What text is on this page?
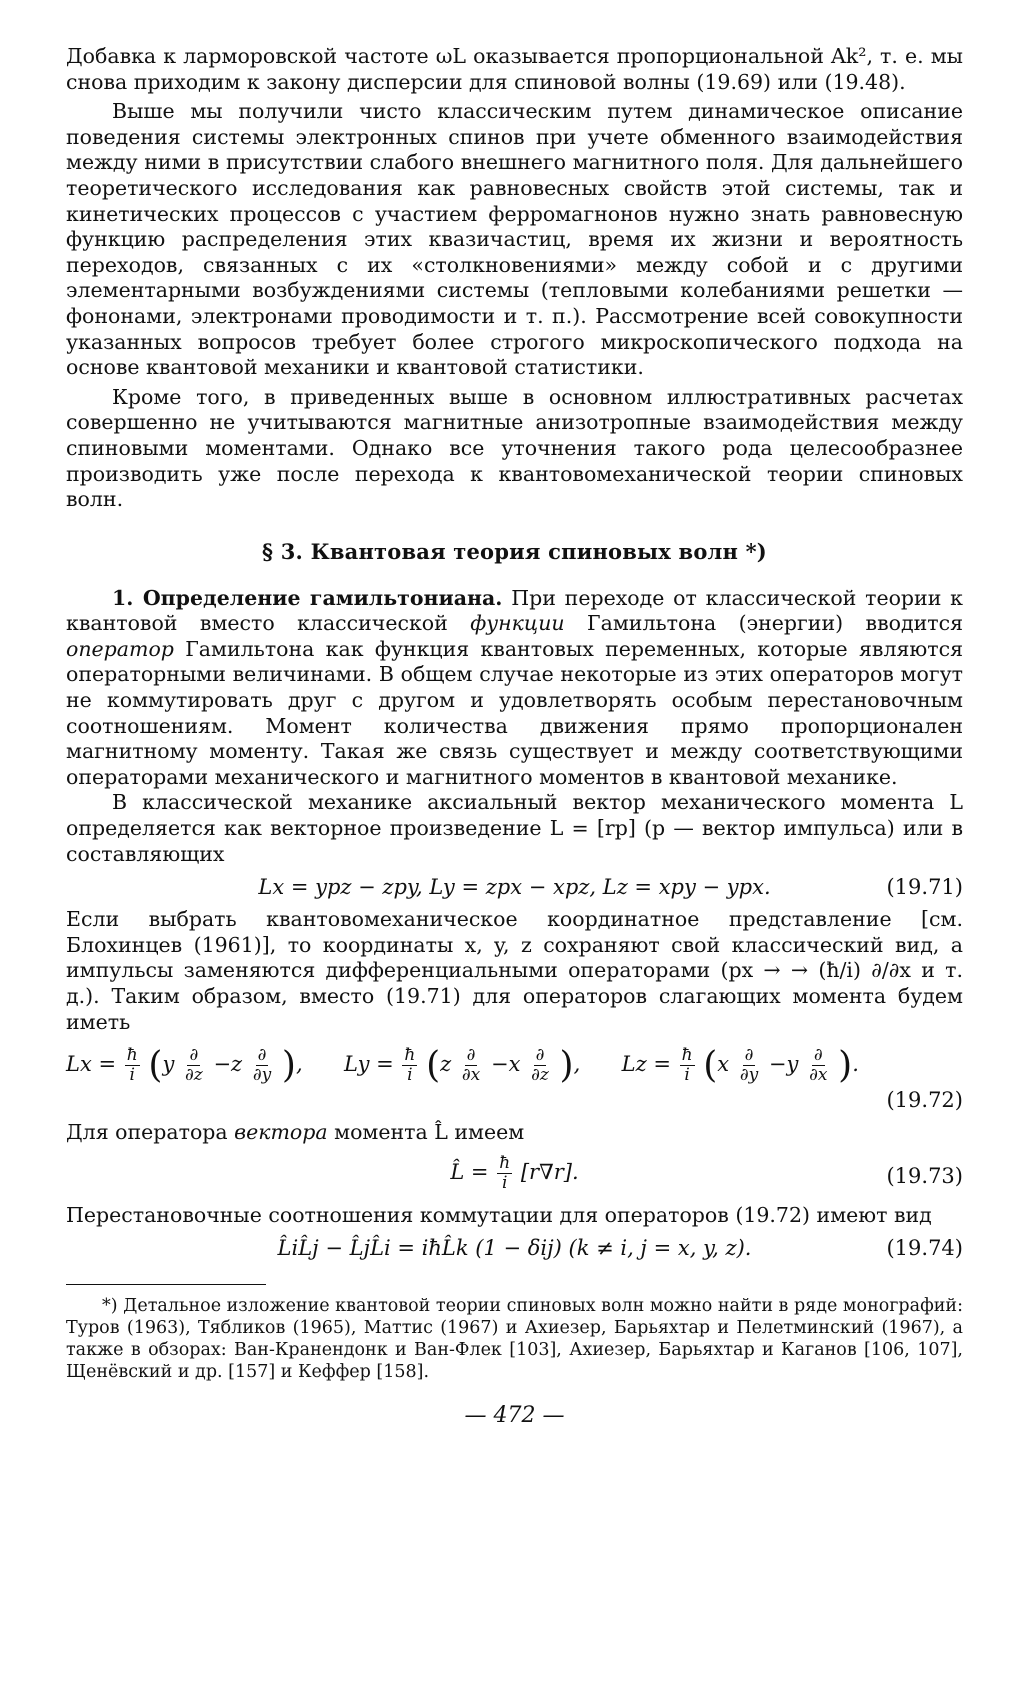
Добавка к ларморовской частоте ωL оказывается пропорциональной Ak², т. е. мы снова приходим к закону дисперсии для спиновой волны (19.69) или (19.48).

Выше мы получили чисто классическим путем динамическое описание поведения системы электронных спинов при учете обменного взаимодействия между ними в присутствии слабого внешнего магнитного поля. Для дальнейшего теоретического исследования как равновесных свойств этой системы, так и кинетических процессов с участием ферромагнонов нужно знать равновесную функцию распределения этих квазичастиц, время их жизни и вероятность переходов, связанных с их «столкновениями» между собой и с другими элементарными возбуждениями системы (тепловыми колебаниями решетки — фононами, электронами проводимости и т. п.). Рассмотрение всей совокупности указанных вопросов требует более строгого микроскопического подхода на основе квантовой механики и квантовой статистики.

Кроме того, в приведенных выше в основном иллюстративных расчетах совершенно не учитываются магнитные анизотропные взаимодействия между спиновыми моментами. Однако все уточнения такого рода целесообразнее производить уже после перехода к квантовомеханической теории спиновых волн.

§ 3. Квантовая теория спиновых волн *)

1. Определение гамильтониана. При переходе от классической теории к квантовой вместо классической функции Гамильтона (энергии) вводится оператор Гамильтона как функция квантовых переменных, которые являются операторными величинами. В общем случае некоторые из этих операторов могут не коммутировать друг с другом и удовлетворять особым перестановочным соотношениям. Момент количества движения прямо пропорционален магнитному моменту. Такая же связь существует и между соответствующими операторами механического и магнитного моментов в квантовой механике.

В классической механике аксиальный вектор механического момента L определяется как векторное произведение L = [rp] (p — вектор импульса) или в составляющих

Lx = ypz − zpy, Ly = zpx − xpz, Lz = xpy − ypx.	(19.71)

Если выбрать квантовомеханическое координатное представление [см. Блохинцев (1961)], то координаты x, y, z сохраняют свой классический вид, а импульсы заменяются дифференциальными операторами (px → → (ħ/i) ∂/∂x и т. д.). Таким образом, вместо (19.71) для операторов слагающих момента будем иметь

$Lx = \frac{ħ}{i} (y \frac{\partial}{\partial z} -z \frac{\partial}{\partial y}$ ), $Ly = \frac{ħ}{i} (z \frac{\partial}{\partial x} -x \frac{\partial}{\partial z}$ ), $Lz = \frac{ħ}{i} (x \frac{\partial}{\partial y} -y \frac{\partial}{\partial x}$ ).
(19.72)

Для оператора вектора момента L̂ имеем

L̂ = $\frac{ħ}{i} [r\nabla r]$.	(19.73)

Перестановочные соотношения коммутации для операторов (19.72) имеют вид

L̂iL̂j − L̂jL̂i = iħL̂k (1 − δij) (k ≠ i, j = x, y, z).	(19.74)

*) Детальное изложение квантовой теории спиновых волн можно найти в ряде монографий: Туров (1963), Тябликов (1965), Маттис (1967) и Ахиезер, Барьяхтар и Пелетминский (1967), а также в обзорах: Ван-Кранендонк и Ван-Флек [103], Ахиезер, Барьяхтар и Каганов [106, 107], Щенёвский и др. [157] и Кеффер [158].

— 472 —
